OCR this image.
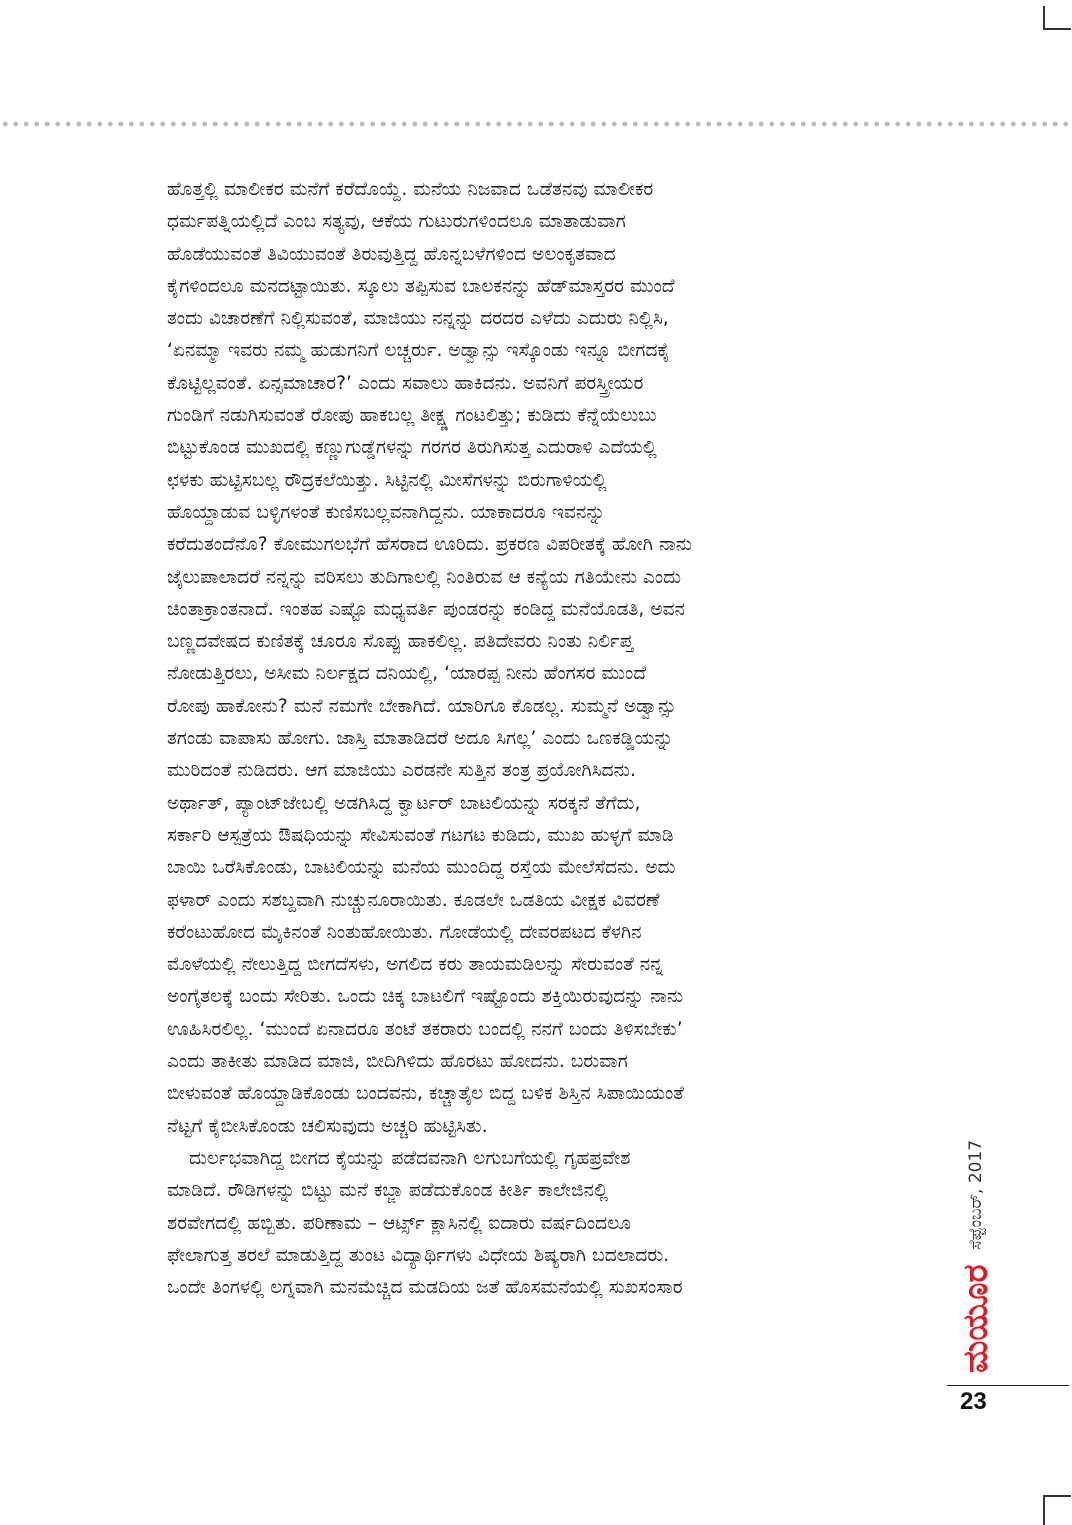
ಹೊತ್ತಲ್ಲಿ ಮಾಲೀಕರ ಮನೆಗೆ ಕರೆದೊಯ್ದೆ. ಮನೆಯ ನಿಜವಾದ ಒಡೆತನವು ಮಾಲೀಕರ
ಧರ್ಮಪತ್ನಿಯಲ್ಲಿದೆ ಎಂಬ ಸತ್ಯವು, ಆಕೆಯ ಗುಟುರುಗಳಿಂದಲೂ ಮಾತಾಡುವಾಗ
ಹೊಡೆಯುವಂತೆ ತಿವಿಯುವಂತೆ ತಿರುವುತ್ತಿದ್ದ ಹೊನ್ನಬಳೆಗಳಿಂದ ಅಲಂಕೃತವಾದ
ಕೈಗಳಿಂದಲೂ ಮನದಟ್ಟಾಯಿತು. ಸ್ಕೂಲು ತಪ್ಪಿಸುವ ಬಾಲಕನನ್ನು ಹೆಡ್‌ಮಾಸ್ತರರ ಮುಂದೆ
ತಂದು ವಿಚಾರಣೆಗೆ ನಿಲ್ಲಿಸುವಂತೆ, ಮಾಜಿಯು ನನ್ನನ್ನು ದರದರ ಎಳೆದು ಎದುರು ನಿಲ್ಲಿಸಿ,
‘ಏನಮ್ಮಾ ಇವರು ನಮ್ಮ ಹುಡುಗನಿಗೆ ಲಚ್ಚರ್ರು. ಅಡ್ವಾನ್ಸು ಇಸ್ಕೊಂಡು ಇನ್ನೂ ಬೀಗದಕೈ
ಕೊಟ್ಟಿಲ್ಲವಂತೆ. ಏನ್ಸಮಾಚಾರ?’ ಎಂದು ಸವಾಲು ಹಾಕಿದನು. ಅವನಿಗೆ ಪರಸ್ತ್ರೀಯರ
ಗುಂಡಿಗೆ ನಡುಗಿಸುವಂತೆ ರೋಪು ಹಾಕಬಲ್ಲ ತೀಕ್ಷ್ಣ ಗಂಟಲಿತ್ತು; ಕುಡಿದು ಕೆನ್ನೆಯೆಲುಬು
ಬಿಟ್ಟುಕೊಂಡ ಮುಖದಲ್ಲಿ ಕಣ್ಣುಗುಡ್ಡೆಗಳನ್ನು ಗರಗರ ತಿರುಗಿಸುತ್ತ ಎದುರಾಳಿ ಎದೆಯಲ್ಲಿ
ಛಳಕು ಹುಟ್ಟಿಸಬಲ್ಲ ರೌದ್ರಕಲೆಯಿತ್ತು. ಸಿಟ್ಟಿನಲ್ಲಿ ಮೀಸೆಗಳನ್ನು ಬಿರುಗಾಳಿಯಲ್ಲಿ
ಹೊಯ್ದಾಡುವ ಬಳ್ಳಿಗಳಂತೆ ಕುಣಿಸಬಲ್ಲವನಾಗಿದ್ದನು. ಯಾಕಾದರೂ ಇವನನ್ನು
ಕರೆದುತಂದೆನೊ? ಕೋಮುಗಲಭೆಗೆ ಹೆಸರಾದ ಊರಿದು. ಪ್ರಕರಣ ವಿಪರೀತಕ್ಕೆ ಹೋಗಿ ನಾನು
ಜೈಲುಪಾಲಾದರೆ ನನ್ನನ್ನು ವರಿಸಲು ತುದಿಗಾಲಲ್ಲಿ ನಿಂತಿರುವ ಆ ಕನ್ಯೆಯ ಗತಿಯೇನು ಎಂದು
ಚಿಂತಾಕ್ರಾಂತನಾದೆ. ಇಂತಹ ಎಷ್ಟೊ ಮಧ್ಯವರ್ತಿ ಪುಂಡರನ್ನು ಕಂಡಿದ್ದ ಮನೆಯೊಡತಿ, ಅವನ
ಬಣ್ಣದವೇಷದ ಕುಣಿತಕ್ಕೆ ಚೂರೂ ಸೊಪ್ಪು ಹಾಕಲಿಲ್ಲ. ಪತಿದೇವರು ನಿಂತು ನಿರ್ಲಿಪ್ತ
ನೋಡುತ್ತಿರಲು, ಅಸೀಮ ನಿರ್ಲಕ್ಷದ ದನಿಯಲ್ಲಿ, ‘ಯಾರಪ್ಪ ನೀನು ಹೆಂಗಸರ ಮುಂದೆ
ರೋಪು ಹಾಕೋನು? ಮನೆ ನಮಗೇ ಬೇಕಾಗಿದೆ. ಯಾರಿಗೂ ಕೊಡಲ್ಲ. ಸುಮ್ಮನೆ ಅಡ್ವಾನ್ಸು
ತಗಂಡು ವಾಪಾಸು ಹೋಗು. ಜಾಸ್ತಿ ಮಾತಾಡಿದರೆ ಅದೂ ಸಿಗಲ್ಲ’ ಎಂದು ಒಣಕಡ್ಡಿಯನ್ನು
ಮುರಿದಂತೆ ನುಡಿದರು. ಆಗ ಮಾಜಿಯು ಎರಡನೇ ಸುತ್ತಿನ ತಂತ್ರ ಪ್ರಯೋಗಿಸಿದನು.
ಅರ್ಥಾತ್, ಪ್ಯಾಂಟ್‌ಜೇಬಲ್ಲಿ ಅಡಗಿಸಿದ್ದ ಕ್ವಾರ್ಟರ್ ಬಾಟಲಿಯನ್ನು ಸರಕ್ಕನೆ ತೆಗೆದು,
ಸರ್ಕಾರಿ ಆಸ್ಪತ್ರೆಯ ಔಷಧಿಯನ್ನು ಸೇವಿಸುವಂತೆ ಗಟಗಟ ಕುಡಿದು, ಮುಖ ಹುಳ್ಳಗೆ ಮಾಡಿ
ಬಾಯಿ ಒರೆಸಿಕೊಂಡು, ಬಾಟಲಿಯನ್ನು ಮನೆಯ ಮುಂದಿದ್ದ ರಸ್ತೆಯ ಮೇಲೆಸೆದನು. ಅದು
ಫಳಾರ್ ಎಂದು ಸಶಬ್ದವಾಗಿ ನುಚ್ಚುನೂರಾಯಿತು. ಕೂಡಲೇ ಒಡತಿಯ ವೀಕ್ಷಕ ವಿವರಣೆ
ಕರೆಂಟುಹೋದ ಮೈಕಿನಂತೆ ನಿಂತುಹೋಯಿತು. ಗೋಡೆಯಲ್ಲಿ ದೇವರಪಟದ ಕೆಳಗಿನ
ಮೊಳೆಯಲ್ಲಿ ನೇಲುತ್ತಿದ್ದ ಬೀಗದೆಸಳು, ಅಗಲಿದ ಕರು ತಾಯಮಡಿಲನ್ನು ಸೇರುವಂತೆ ನನ್ನ
ಅಂಗೈತಲಕ್ಕೆ ಬಂದು ಸೇರಿತು. ಒಂದು ಚಿಕ್ಕ ಬಾಟಲಿಗೆ ಇಷ್ಟೊಂದು ಶಕ್ತಿಯಿರುವುದನ್ನು ನಾನು
ಊಹಿಸಿರಲಿಲ್ಲ. ‘ಮುಂದೆ ಏನಾದರೂ ತಂಟೆ ತಕರಾರು ಬಂದಲ್ಲಿ ನನಗೆ ಬಂದು ತಿಳಿಸಬೇಕು’
ಎಂದು ತಾಕೀತು ಮಾಡಿದ ಮಾಜಿ, ಬೀದಿಗಿಳಿದು ಹೊರಟು ಹೋದನು. ಬರುವಾಗ
ಬೀಳುವಂತೆ ಹೊಯ್ದಾಡಿಕೊಂಡು ಬಂದವನು, ಕಚ್ಚಾತೈಲ ಬಿದ್ದ ಬಳಿಕ ಶಿಸ್ತಿನ ಸಿಪಾಯಿಯಂತೆ
ನೆಟ್ಟಗೆ ಕೈಬೀಸಿಕೊಂಡು ಚಲಿಸುವುದು ಅಚ್ಚರಿ ಹುಟ್ಟಿಸಿತು.

ದುರ್ಲಭವಾಗಿದ್ದ ಬೀಗದ ಕೈಯನ್ನು ಪಡೆದವನಾಗಿ ಲಗುಬಗೆಯಲ್ಲಿ ಗೃಹಪ್ರವೇಶ
ಮಾಡಿದೆ. ರೌಡಿಗಳನ್ನು ಬಿಟ್ಟು ಮನೆ ಕಬ್ಜಾ ಪಡೆದುಕೊಂಡ ಕೀರ್ತಿ ಕಾಲೇಜಿನಲ್ಲಿ
ಶರವೇಗದಲ್ಲಿ ಹಬ್ಬಿತು. ಪರಿಣಾಮ – ಆರ್ಟ್ಸ್ ಕ್ಲಾಸಿನಲ್ಲಿ ಐದಾರು ವರ್ಷದಿಂದಲೂ
ಫೇಲಾಗುತ್ತ ತರಲೆ ಮಾಡುತ್ತಿದ್ದ ತುಂಟ ವಿದ್ಯಾರ್ಥಿಗಳು ವಿಧೇಯ ಶಿಷ್ಯರಾಗಿ ಬದಲಾದರು.
ಒಂದೇ ತಿಂಗಳಲ್ಲಿ ಲಗ್ನವಾಗಿ ಮನಮೆಚ್ಚಿದ ಮಡದಿಯ ಜತೆ ಹೊಸಮನೆಯಲ್ಲಿ ಸುಖಸಂಸಾರ

ಸೆಪ್ಟೆಂಬರ್, 2017
ಮಯೂರ
23
